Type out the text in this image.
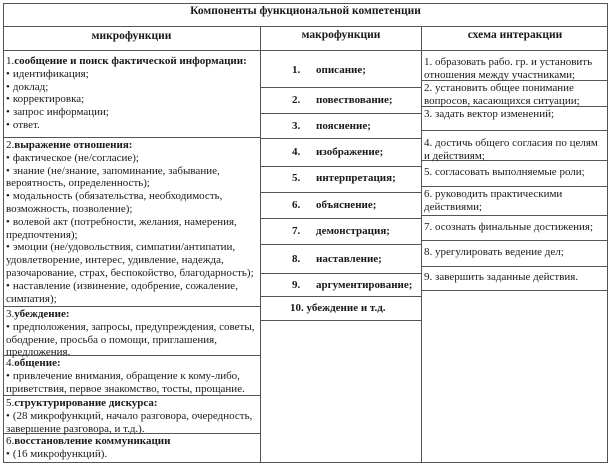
Компоненты функциональной компетенции
микрофункции	макрофункции	схема интеракции
1.сообщение и поиск фактической информации:
• идентификация;
• доклад;
• корректировка;
• запрос информации;
• ответ.
2.выражение отношения:
• фактическое (не/согласие);
• знание (не/знание, запоминание, забывание, вероятность, определенность);
• модальность (обязательства, необходимость, возможность, позволение);
• волевой акт (потребности, желания, намерения, предпочтения);
• эмоции (не/удовольствия, симпатии/антипатии, удовлетворение, интерес, удивление, надежда, разочарование, страх, беспокойство, благодарность);
• наставление (извинение, одобрение, сожаление, симпатия);
3.убеждение:
• предположения, запросы, предупреждения, советы, ободрение, просьба о помощи, приглашения, предложения.
4.общение:
• привлечение внимания, обращение к кому-либо, приветствия, первое знакомство, тосты, прощание.
5.структурирование дискурса:
• (28 микрофункций, начало разговора, очередность, завершение разговора, и т.д.).
6.восстановление коммуникации
• (16 микрофункций).
1. описание;
2. повествование;
3. пояснение;
4. изображение;
5. интерпретация;
6. объяснение;
7. демонстрация;
8. наставление;
9. аргументирование;
10. убеждение и т.д.
1. образовать рабо. гр. и установить отношения между участниками;
2. установить общее понимание вопросов, касающихся ситуации;
3. задать вектор изменений;
4. достичь общего согласия по целям и действиям;
5. согласовать выполняемые роли;
6. руководить практическими действиями;
7. осознать финальные достижения;
8. урегулировать ведение дел;
9. завершить заданные действия.
